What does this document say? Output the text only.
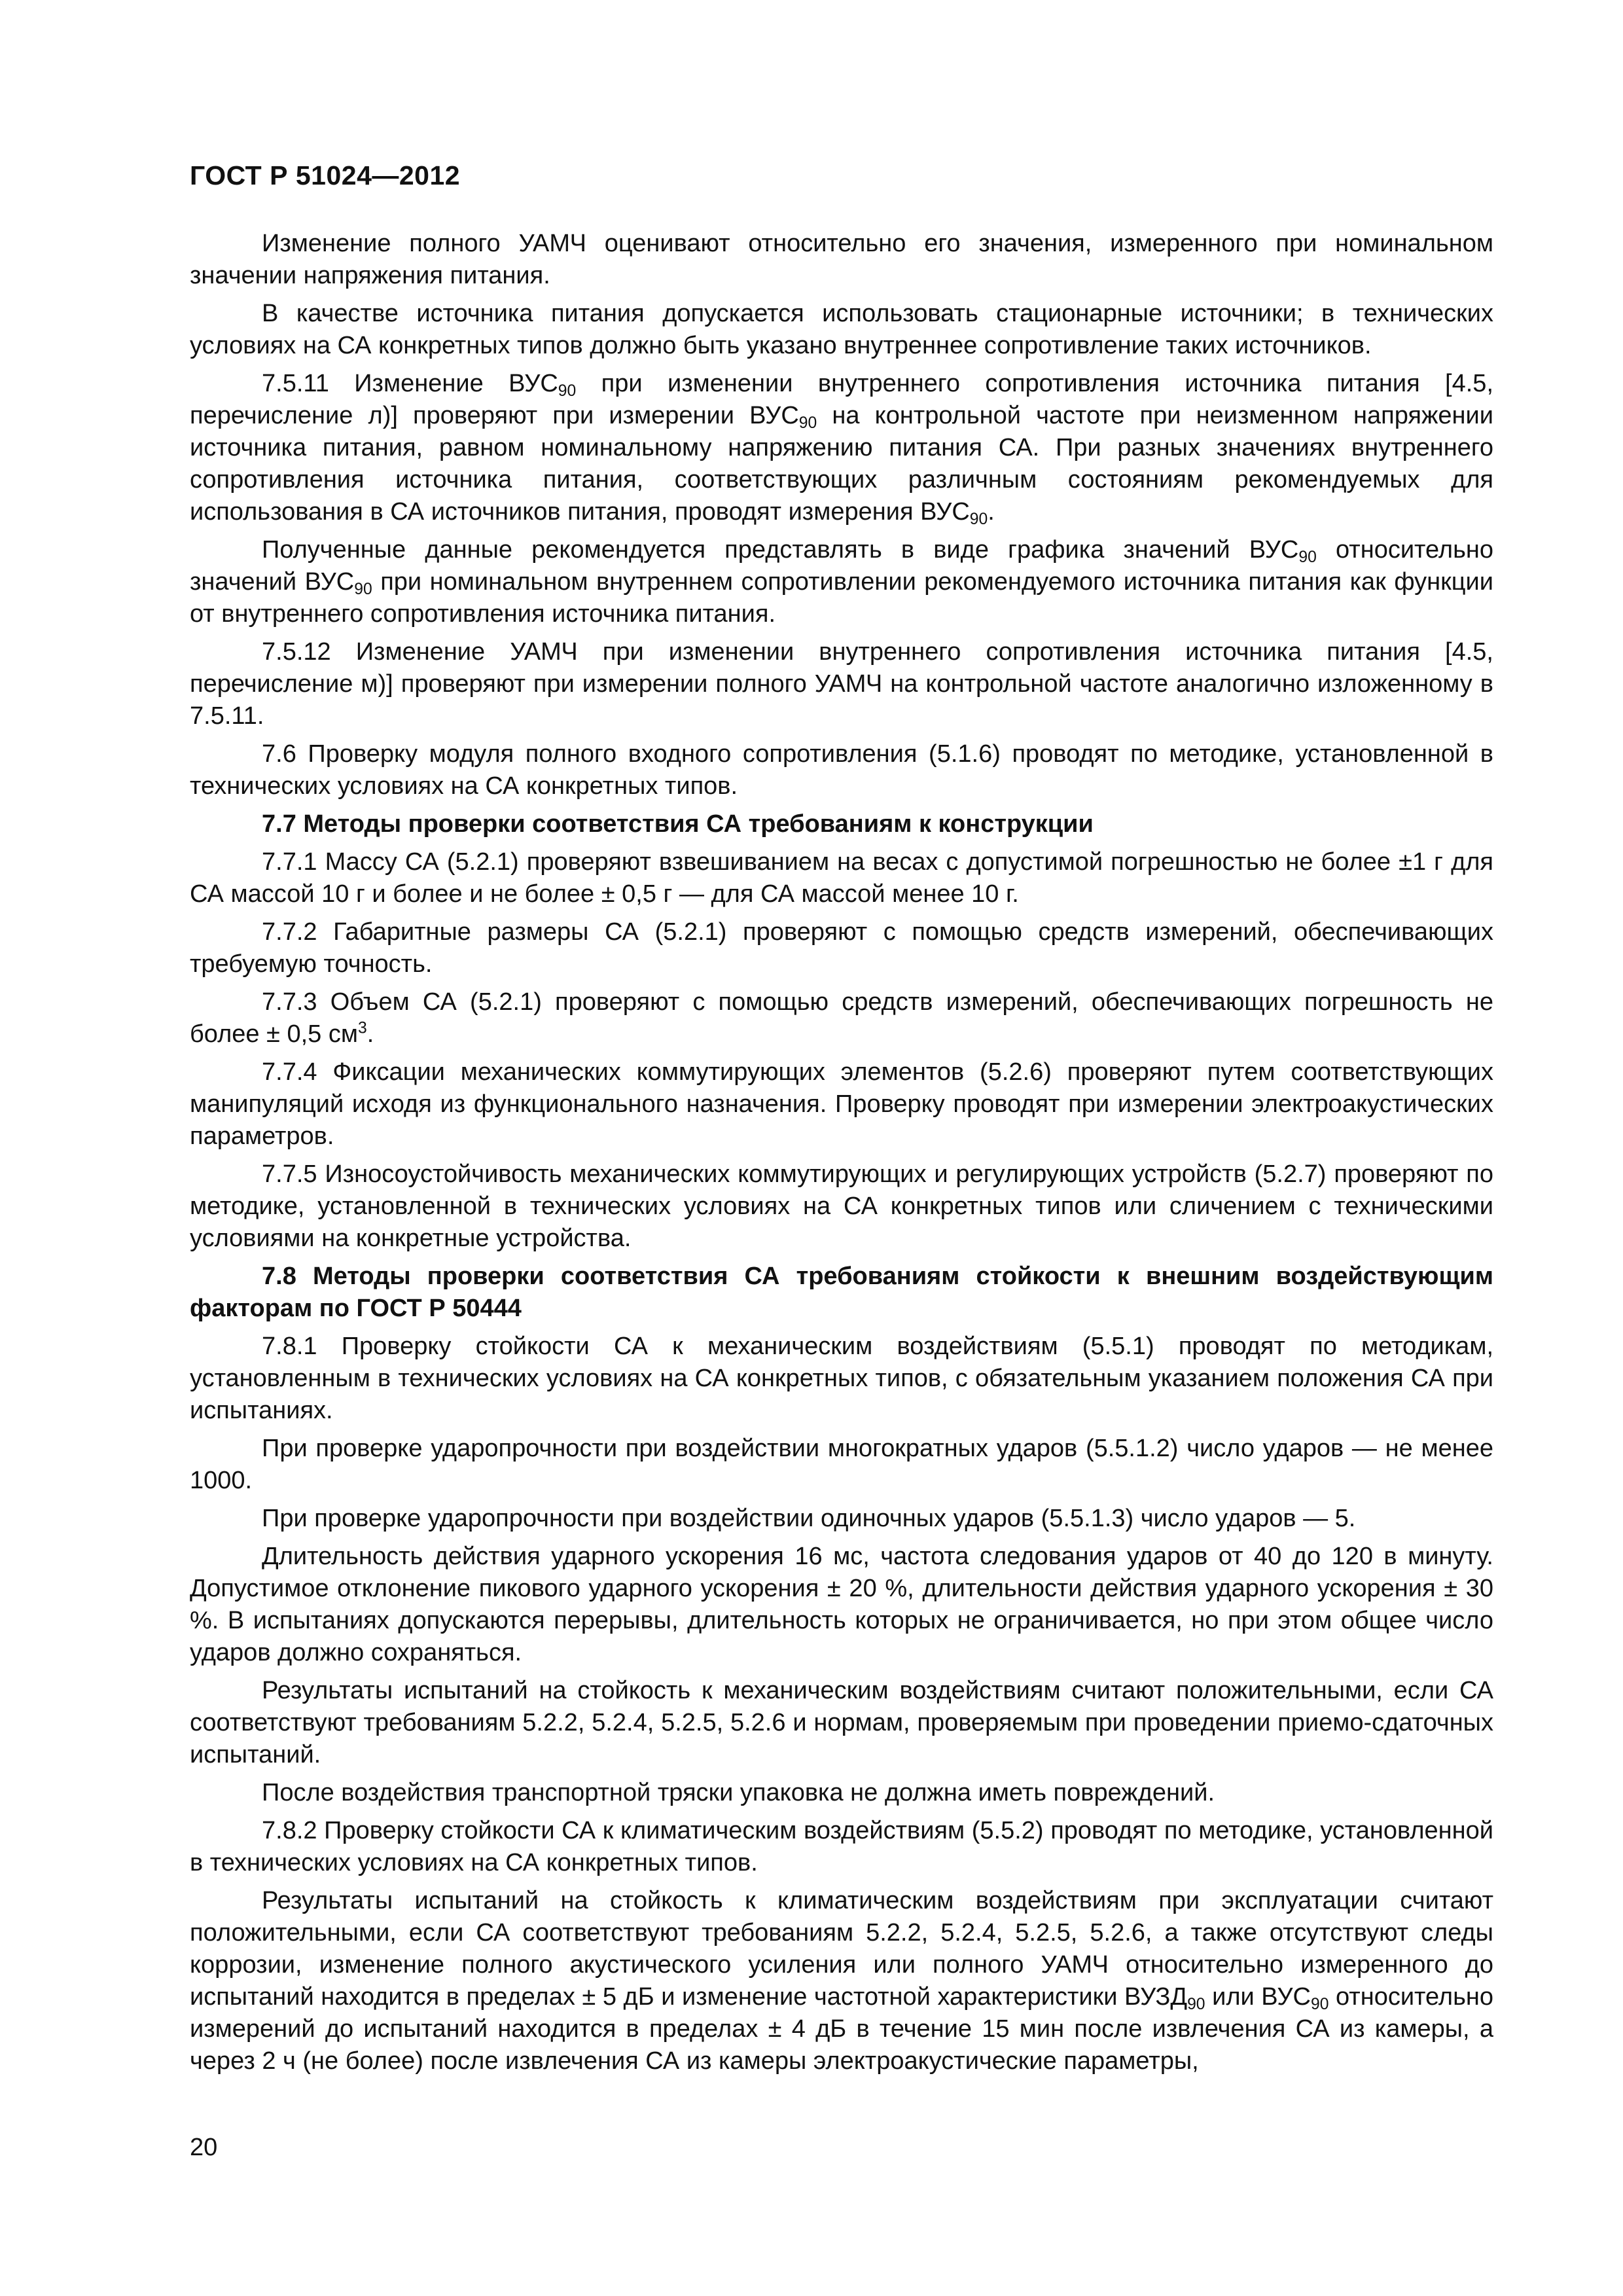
ГОСТ Р 51024—2012

Изменение полного УАМЧ оценивают относительно его значения, измеренного при номинальном значении напряжения питания.

В качестве источника питания допускается использовать стационарные источники; в технических условиях на СА конкретных типов должно быть указано внутреннее сопротивление таких источников.

7.5.11 Изменение $ВУС_{90}$ при изменении внутреннего сопротивления источника питания [4.5, перечисление л)] проверяют при измерении $ВУС_{90}$ на контрольной частоте при неизменном напряжении источника питания, равном номинальному напряжению питания СА. При разных значениях внутреннего сопротивления источника питания, соответствующих различным состояниям рекомендуемых для использования в СА источников питания, проводят измерения $ВУС_{90}$.

Полученные данные рекомендуется представлять в виде графика значений $ВУС_{90}$ относительно значений $ВУС_{90}$ при номинальном внутреннем сопротивлении рекомендуемого источника питания как функции от внутреннего сопротивления источника питания.

7.5.12 Изменение УАМЧ при изменении внутреннего сопротивления источника питания [4.5, перечисление м)] проверяют при измерении полного УАМЧ на контрольной частоте аналогично изложенному в 7.5.11.

7.6 Проверку модуля полного входного сопротивления (5.1.6) проводят по методике, установленной в технических условиях на СА конкретных типов.

7.7 Методы проверки соответствия СА требованиям к конструкции

7.7.1 Массу СА (5.2.1) проверяют взвешиванием на весах с допустимой погрешностью не более ±1 г для СА массой 10 г и более и не более ± 0,5 г — для СА массой менее 10 г.

7.7.2 Габаритные размеры СА (5.2.1) проверяют с помощью средств измерений, обеспечивающих требуемую точность.

7.7.3 Объем СА (5.2.1) проверяют с помощью средств измерений, обеспечивающих погрешность не более ± 0,5 $см^3$.

7.7.4 Фиксации механических коммутирующих элементов (5.2.6) проверяют путем соответствующих манипуляций исходя из функционального назначения. Проверку проводят при измерении электроакустических параметров.

7.7.5 Износоустойчивость механических коммутирующих и регулирующих устройств (5.2.7) проверяют по методике, установленной в технических условиях на СА конкретных типов или сличением с техническими условиями на конкретные устройства.

7.8 Методы проверки соответствия СА требованиям стойкости к внешним воздействующим факторам по ГОСТ Р 50444

7.8.1 Проверку стойкости СА к механическим воздействиям (5.5.1) проводят по методикам, установленным в технических условиях на СА конкретных типов, с обязательным указанием положения СА при испытаниях.

При проверке ударопрочности при воздействии многократных ударов (5.5.1.2) число ударов — не менее 1000.

При проверке ударопрочности при воздействии одиночных ударов (5.5.1.3) число ударов — 5.

Длительность действия ударного ускорения 16 мс, частота следования ударов от 40 до 120 в минуту. Допустимое отклонение пикового ударного ускорения ± 20 %, длительности действия ударного ускорения ± 30 %. В испытаниях допускаются перерывы, длительность которых не ограничивается, но при этом общее число ударов должно сохраняться.

Результаты испытаний на стойкость к механическим воздействиям считают положительными, если СА соответствуют требованиям 5.2.2, 5.2.4, 5.2.5, 5.2.6 и нормам, проверяемым при проведении приемо-сдаточных испытаний.

После воздействия транспортной тряски упаковка не должна иметь повреждений.

7.8.2 Проверку стойкости СА к климатическим воздействиям (5.5.2) проводят по методике, установленной в технических условиях на СА конкретных типов.

Результаты испытаний на стойкость к климатическим воздействиям при эксплуатации считают положительными, если СА соответствуют требованиям 5.2.2, 5.2.4, 5.2.5, 5.2.6, а также отсутствуют следы коррозии, изменение полного акустического усиления или полного УАМЧ относительно измеренного до испытаний находится в пределах ± 5 дБ и изменение частотной характеристики $ВУЗД_{90}$ или $ВУС_{90}$ относительно измерений до испытаний находится в пределах ± 4 дБ в течение 15 мин после извлечения СА из камеры, а через 2 ч (не более) после извлечения СА из камеры электроакустические параметры,

20
